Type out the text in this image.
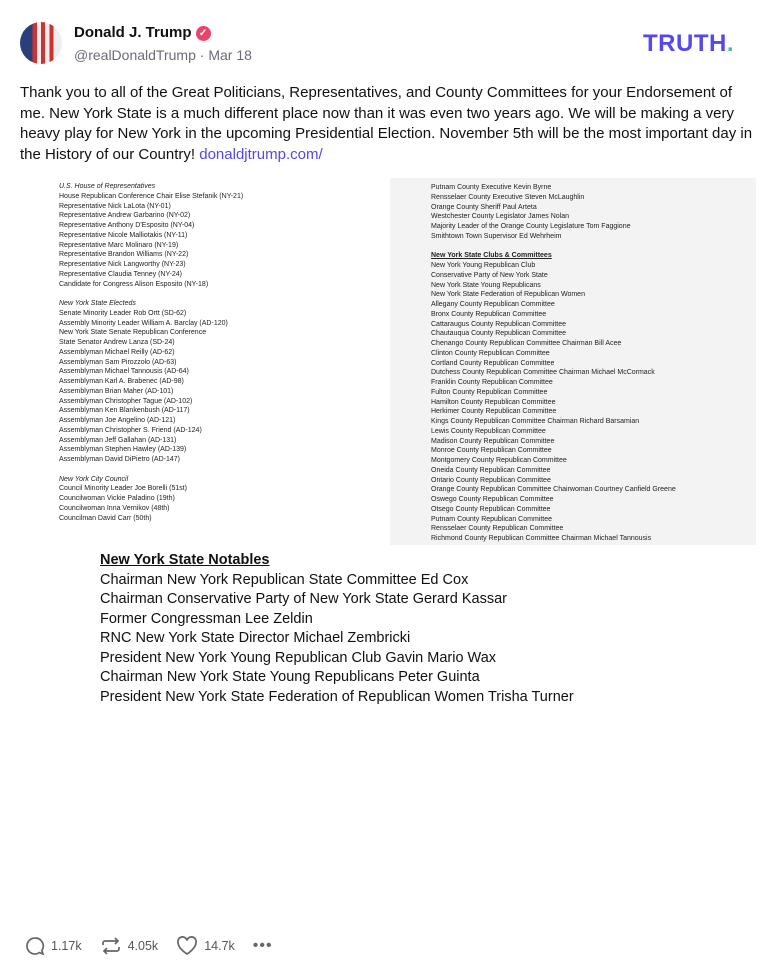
Donald J. Trump ✓
@realDonaldTrump · Mar 18	TRUTH.
Thank you to all of the Great Politicians, Representatives, and County Committees for your Endorsement of me. New York State is a much different place now than it was even two years ago. We will be making a very heavy play for New York in the upcoming Presidential Election. November 5th will be the most important day in the History of our Country! donaldjtrump.com/
U.S. House of Representatives
House Republican Conference Chair Elise Stefanik (NY-21)
Representative Nick LaLota (NY-01)
Representative Andrew Garbarino (NY-02)
Representative Anthony D'Esposito (NY-04)
Representative Nicole Malliotakis (NY-11)
Representative Marc Molinaro (NY-19)
Representative Brandon Williams (NY-22)
Representative Nick Langworthy (NY-23)
Representative Claudia Tenney (NY-24)
Candidate for Congress Alison Esposito (NY-18)
New York State Electeds
Senate Minority Leader Rob Ortt (SD-62)
Assembly Minority Leader William A. Barclay (AD-120)
New York State Senate Republican Conference
State Senator Andrew Lanza (SD-24)
Assemblyman Michael Reilly (AD-62)
Assemblyman Sam Pirozzolo (AD-63)
Assemblyman Michael Tannousis (AD-64)
Assemblyman Karl A. Brabenec (AD-98)
Assemblyman Brian Maher (AD-101)
Assemblyman Christopher Tague (AD-102)
Assemblyman Ken Blankenbush (AD-117)
Assemblyman Joe Angelino (AD-121)
Assemblyman Christopher S. Friend (AD-124)
Assemblyman Jeff Gallahan (AD-131)
Assemblyman Stephen Hawley (AD-139)
Assemblyman David DiPietro (AD-147)
New York City Council
Council Minority Leader Joe Borelli (51st)
Councilwoman Vickie Paladino (19th)
Councilwoman Inna Vernikov (48th)
Councilman David Carr (50th)
Putnam County Executive Kevin Byrne
Rensselaer County Executive Steven McLaughlin
Orange County Sheriff Paul Arteta
Westchester County Legislator James Nolan
Majority Leader of the Orange County Legislature Tom Faggione
Smithtown Town Supervisor Ed Wehrheim
New York State Clubs & Committees
New York Young Republican Club
Conservative Party of New York State
New York State Young Republicans
New York State Federation of Republican Women
Allegany County Republican Committee
Bronx County Republican Committee
Cattaraugus County Republican Committee
Chautauqua County Republican Committee
Chenango County Republican Committee Chairman Bill Acee
Clinton County Republican Committee
Cortland County Republican Committee
Dutchess County Republican Committee Chairman Michael McCormack
Franklin County Republican Committee
Fulton County Republican Committee
Hamilton County Republican Committee
Herkimer County Republican Committee
Kings County Republican Committee Chairman Richard Barsamian
Lewis County Republican Committee
Madison County Republican Committee
Monroe County Republican Committee
Montgomery County Republican Committee
Oneida County Republican Committee
Ontario County Republican Committee
Orange County Republican Committee Chairwoman Courtney Canfield Greene
Oswego County Republican Committee
Otsego County Republican Committee
Putnam County Republican Committee
Rensselaer County Republican Committee
Richmond County Republican Committee Chairman Michael Tannousis
New York State Notables
Chairman New York Republican State Committee Ed Cox
Chairman Conservative Party of New York State Gerard Kassar
Former Congressman Lee Zeldin
RNC New York State Director Michael Zembricki
President New York Young Republican Club Gavin Mario Wax
Chairman New York State Young Republicans Peter Guinta
President New York State Federation of Republican Women Trisha Turner
1.17k	4.05k	14.7k •••
